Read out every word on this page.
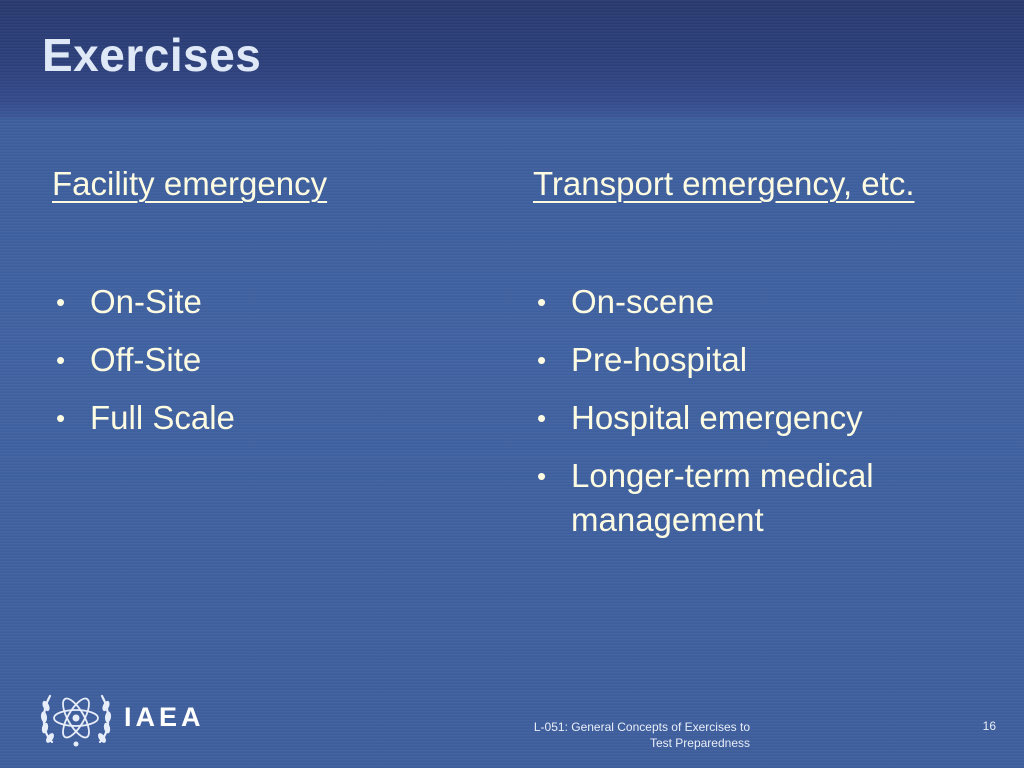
Exercises
Facility emergency
• On-Site
• Off-Site
• Full Scale
Transport emergency, etc.
• On-scene
• Pre-hospital
• Hospital emergency
• Longer-term medical management
IAEA	L-051: General Concepts of Exercises to
Test Preparedness
16
